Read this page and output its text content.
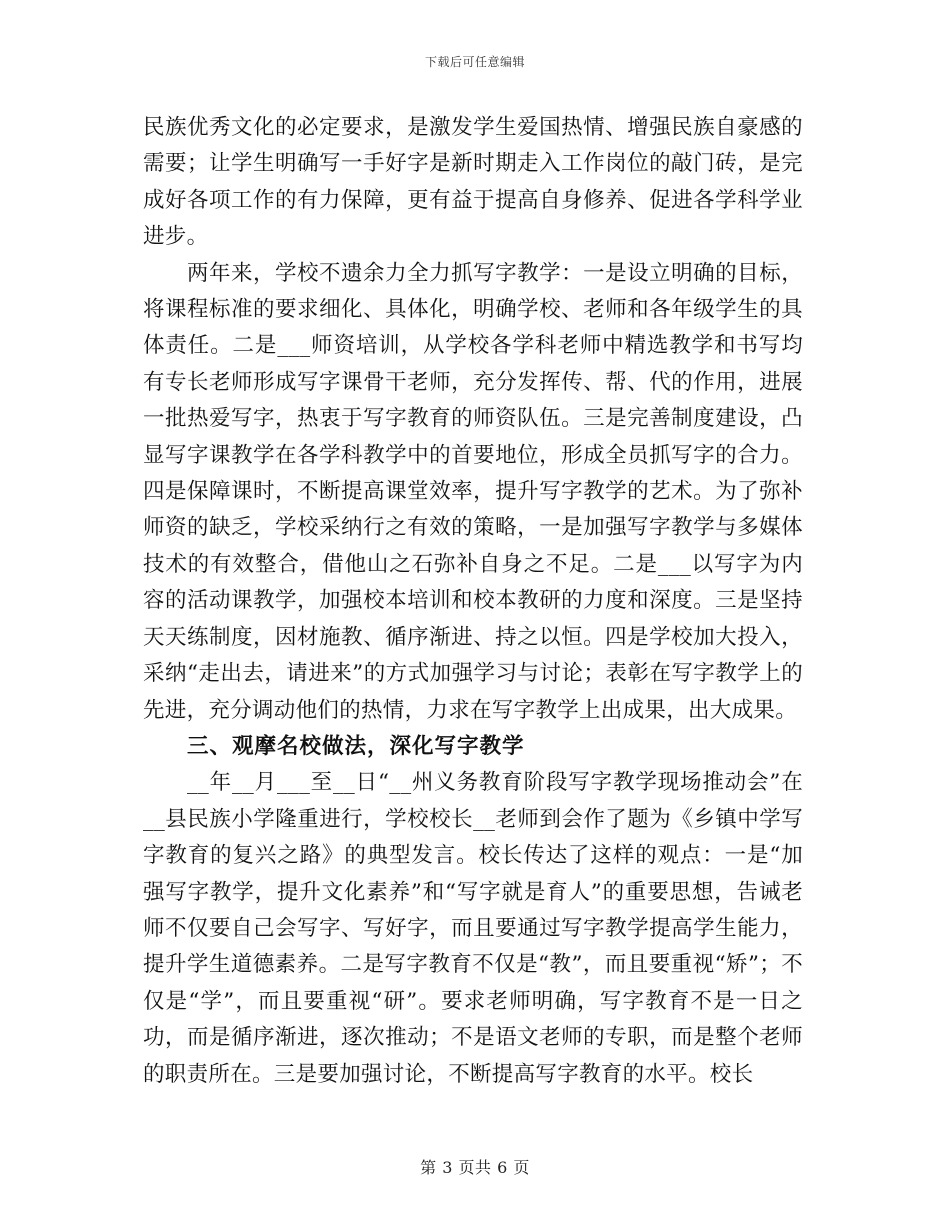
下载后可任意编辑

民族优秀文化的必定要求，是激发学生爱国热情、增强民族自豪感的需要；让学生明确写一手好字是新时期走入工作岗位的敲门砖，是完成好各项工作的有力保障，更有益于提高自身修养、促进各学科学业进步。

两年来，学校不遗余力全力抓写字教学：一是设立明确的目标，将课程标准的要求细化、具体化，明确学校、老师和各年级学生的具体责任。二是___师资培训，从学校各学科老师中精选教学和书写均有专长老师形成写字课骨干老师，充分发挥传、帮、代的作用，进展一批热爱写字，热衷于写字教育的师资队伍。三是完善制度建设，凸显写字课教学在各学科教学中的首要地位，形成全员抓写字的合力。四是保障课时，不断提高课堂效率，提升写字教学的艺术。为了弥补师资的缺乏，学校采纳行之有效的策略，一是加强写字教学与多媒体技术的有效整合，借他山之石弥补自身之不足。二是___以写字为内容的活动课教学，加强校本培训和校本教研的力度和深度。三是坚持天天练制度，因材施教、循序渐进、持之以恒。四是学校加大投入，采纳“走出去，请进来”的方式加强学习与讨论；表彰在写字教学上的先进，充分调动他们的热情，力求在写字教学上出成果，出大成果。

三、观摩名校做法，深化写字教学

__年__月___至__日“__州义务教育阶段写字教学现场推动会”在__县民族小学隆重进行，学校校长__老师到会作了题为《乡镇中学写字教育的复兴之路》的典型发言。校长传达了这样的观点：一是“加强写字教学，提升文化素养”和“写字就是育人”的重要思想，告诫老师不仅要自己会写字、写好字，而且要通过写字教学提高学生能力，提升学生道德素养。二是写字教育不仅是“教”，而且要重视“矫”；不仅是“学”，而且要重视“研”。要求老师明确，写字教育不是一日之功，而是循序渐进，逐次推动；不是语文老师的专职，而是整个老师的职责所在。三是要加强讨论，不断提高写字教育的水平。校长

第 3 页共 6 页
